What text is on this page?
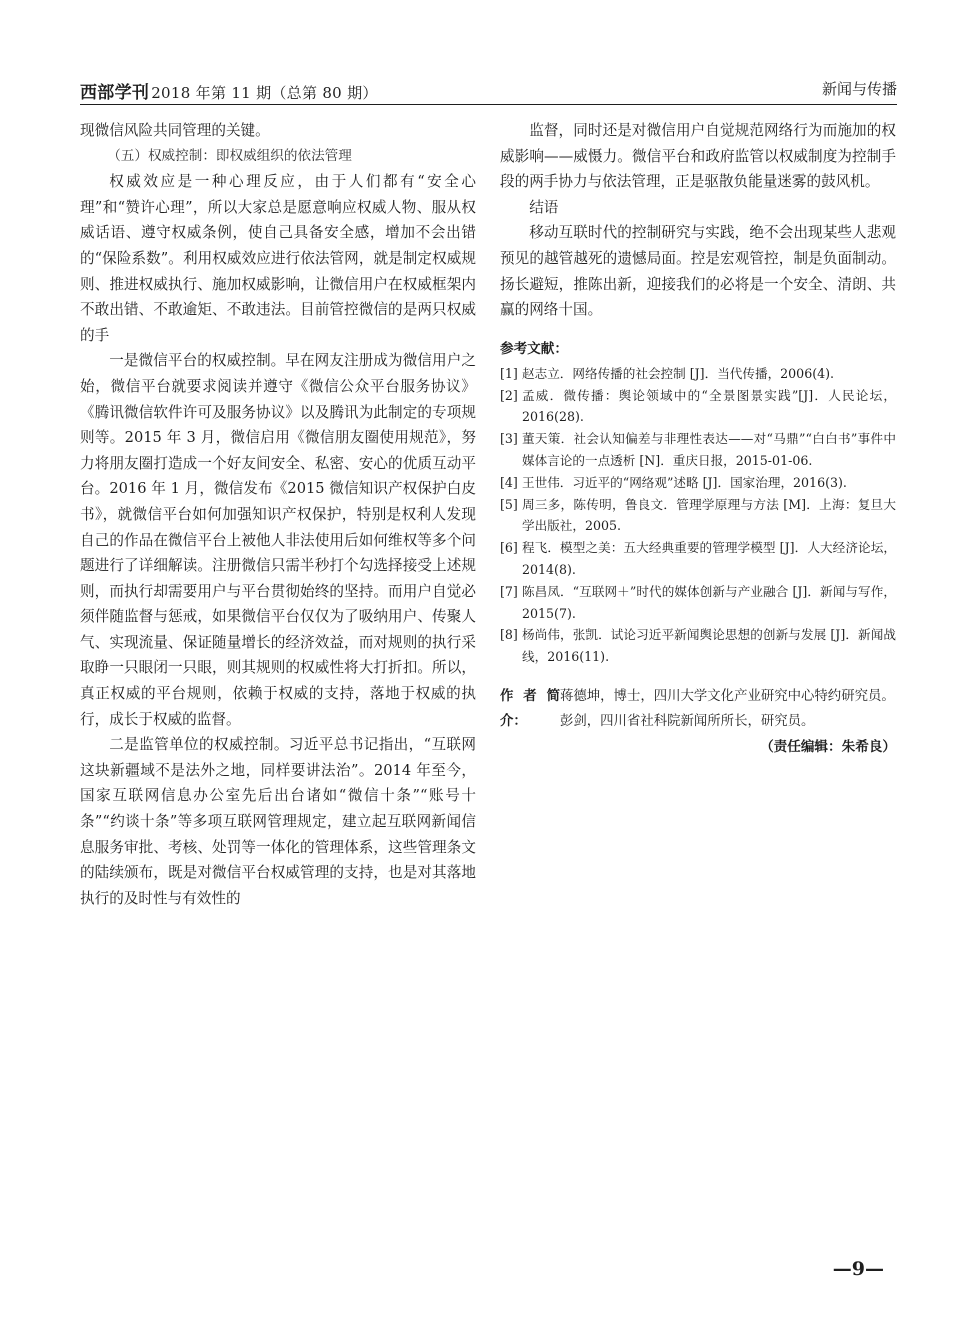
西部学刊 2018 年第 11 期（总第 80 期）	新闻与传播

现微信风险共同管理的关键。

（五）权威控制：即权威组织的依法管理

权威效应是一种心理反应，由于人们都有“安全心理”和“赞许心理”，所以大家总是愿意响应权威人物、服从权威话语、遵守权威条例，使自己具备安全感，增加不会出错的“保险系数”。利用权威效应进行依法管网，就是制定权威规则、推进权威执行、施加权威影响，让微信用户在权威框架内不敢出错、不敢逾矩、不敢违法。目前管控微信的是两只权威的手

一是微信平台的权威控制。早在网友注册成为微信用户之始，微信平台就要求阅读并遵守《微信公众平台服务协议》《腾讯微信软件许可及服务协议》以及腾讯为此制定的专项规则等。2015 年 3 月，微信启用《微信朋友圈使用规范》，努力将朋友圈打造成一个好友间安全、私密、安心的优质互动平台。2016 年 1 月，微信发布《2015 微信知识产权保护白皮书》，就微信平台如何加强知识产权保护，特别是权利人发现自己的作品在微信平台上被他人非法使用后如何维权等多个问题进行了详细解读。注册微信只需半秒打个勾选择接受上述规则，而执行却需要用户与平台贯彻始终的坚持。而用户自觉必须伴随监督与惩戒，如果微信平台仅仅为了吸纳用户、传聚人气、实现流量、保证随量增长的经济效益，而对规则的执行采取睁一只眼闭一只眼，则其规则的权威性将大打折扣。所以，真正权威的平台规则，依赖于权威的支持，落地于权威的执行，成长于权威的监督。

二是监管单位的权威控制。习近平总书记指出，“互联网这块新疆域不是法外之地，同样要讲法治”。2014 年至今，国家互联网信息办公室先后出台诸如“微信十条”“账号十条”“约谈十条”等多项互联网管理规定，建立起互联网新闻信息服务审批、考核、处罚等一体化的管理体系，这些管理条文的陆续颁布，既是对微信平台权威管理的支持，也是对其落地执行的及时性与有效性的

监督，同时还是对微信用户自觉规范网络行为而施加的权威影响——威慑力。微信平台和政府监管以权威制度为控制手段的两手协力与依法管理，正是驱散负能量迷雾的鼓风机。

结语

移动互联时代的控制研究与实践，绝不会出现某些人悲观预见的越管越死的遗憾局面。控是宏观管控，制是负面制动。扬长避短，推陈出新，迎接我们的必将是一个安全、清朗、共赢的网络十国。

参考文献：
[1] 赵志立．网络传播的社会控制 [J]．当代传播，2006(4).
[2] 孟威．微传播：舆论领域中的“全景图景实践”[J]．人民论坛，2016(28).
[3] 董天策．社会认知偏差与非理性表达——对“马鼎”“白白书”事件中媒体言论的一点透析 [N]．重庆日报，2015-01-06.
[4] 王世伟．习近平的“网络观”述略 [J]．国家治理，2016(3).
[5] 周三多，陈传明，鲁良文．管理学原理与方法 [M]．上海：复旦大学出版社，2005.
[6] 程飞．模型之美：五大经典重要的管理学模型 [J]．人大经济论坛，2014(8).
[7] 陈昌凤．“互联网＋”时代的媒体创新与产业融合 [J]．新闻与写作，2015(7).
[8] 杨尚伟，张凯．试论习近平新闻舆论思想的创新与发展 [J]．新闻战线，2016(11).
作者简介：

蒋德坤，博士，四川大学文化产业研究中心特约研究员。

彭剑，四川省社科院新闻所所长，研究员。

（责任编辑：朱希良）
—9—
